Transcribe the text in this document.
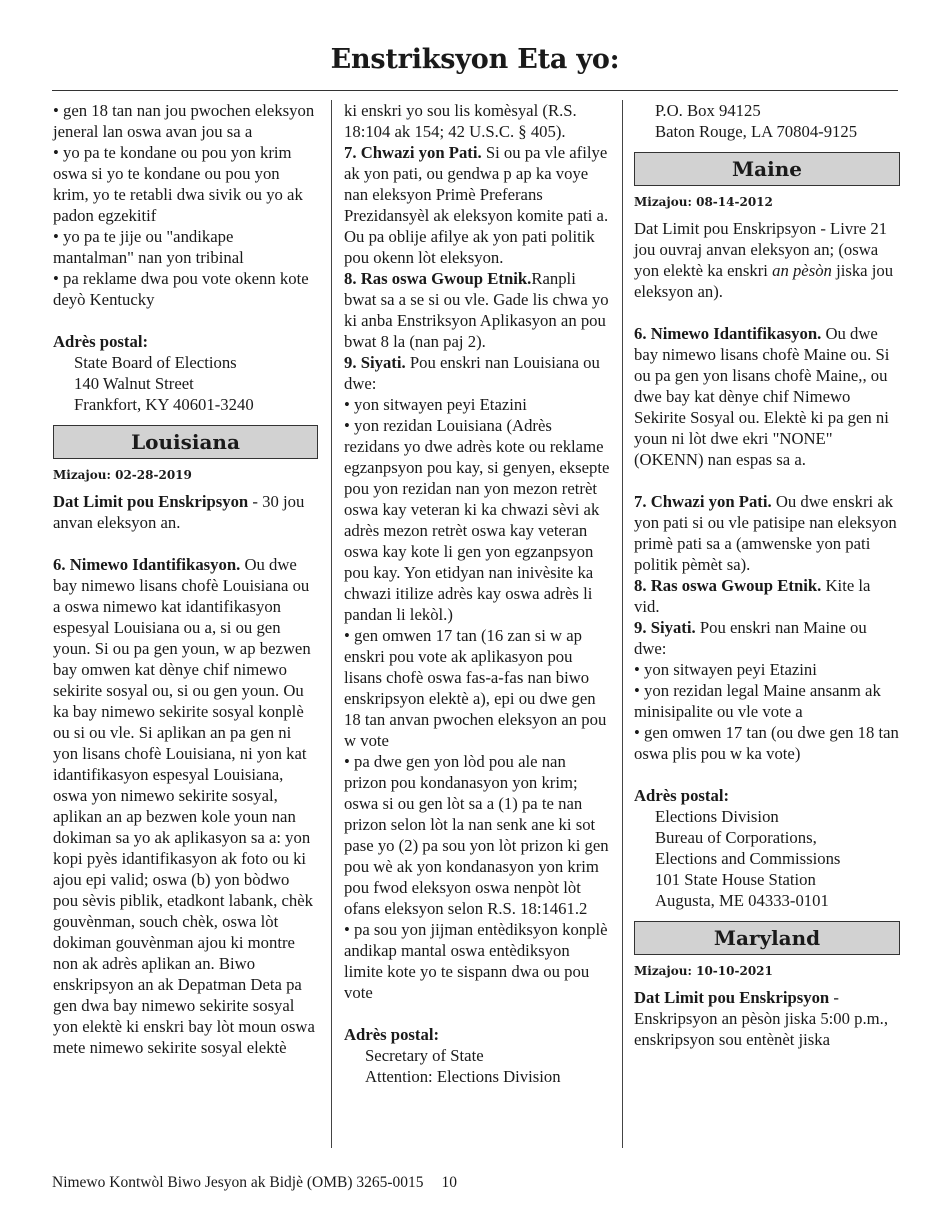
Enstriksyon Eta yo:

• gen 18 tan nan jou pwochen eleksyon jeneral lan oswa avan jou sa a

• yo pa te kondane ou pou yon krim oswa si yo te kondane ou pou yon krim, yo te retabli dwa sivik ou yo ak padon egzekitif

• yo pa te jije ou "andikape mantalman" nan yon tribinal

• pa reklame dwa pou vote okenn kote deyò Kentucky

Adrès postal:

State Board of Elections

140 Walnut Street

Frankfort, KY 40601-3240

Louisiana

Mizajou: 02-28-2019

Dat Limit pou Enskripsyon - 30 jou anvan eleksyon an.

6. Nimewo Idantifikasyon. Ou dwe bay nimewo lisans chofè Louisiana ou a oswa nimewo kat idantifikasyon espesyal Louisiana ou a, si ou gen youn. Si ou pa gen youn, w ap bezwen bay omwen kat dènye chif nimewo sekirite sosyal ou, si ou gen youn. Ou ka bay nimewo sekirite sosyal konplè ou si ou vle. Si aplikan an pa gen ni yon lisans chofè Louisiana, ni yon kat idantifikasyon espesyal Louisiana, oswa yon nimewo sekirite sosyal, aplikan an ap bezwen kole youn nan dokiman sa yo ak aplikasyon sa a: yon kopi pyès idantifikasyon ak foto ou ki ajou epi valid; oswa (b) yon bòdwo pou sèvis piblik, etadkont labank, chèk gouvènman, souch chèk, oswa lòt dokiman gouvènman ajou ki montre non ak adrès aplikan an. Biwo enskripsyon an ak Depatman Deta pa gen dwa bay nimewo sekirite sosyal yon elektè ki enskri bay lòt moun oswa mete nimewo sekirite sosyal elektè

ki enskri yo sou lis komèsyal (R.S. 18:104 ak 154; 42 U.S.C. § 405).

7. Chwazi yon Pati. Si ou pa vle afilye ak yon pati, ou gendwa p ap ka voye nan eleksyon Primè Preferans Prezidansyèl ak eleksyon komite pati a. Ou pa oblije afilye ak yon pati politik pou okenn lòt eleksyon.

8. Ras oswa Gwoup Etnik.Ranpli bwat sa a se si ou vle. Gade lis chwa yo ki anba Enstriksyon Aplikasyon an pou bwat 8 la (nan paj 2).

9. Siyati. Pou enskri nan Louisiana ou dwe:

• yon sitwayen peyi Etazini

• yon rezidan Louisiana (Adrès rezidans yo dwe adrès kote ou reklame egzanpsyon pou kay, si genyen, eksepte pou yon rezidan nan yon mezon retrèt oswa kay veteran ki ka chwazi sèvi ak adrès mezon retrèt oswa kay veteran oswa kay kote li gen yon egzanpsyon pou kay. Yon etidyan nan inivèsite ka chwazi itilize adrès kay oswa adrès li pandan li lekòl.)

• gen omwen 17 tan (16 zan si w ap enskri pou vote ak aplikasyon pou lisans chofè oswa fas-a-fas nan biwo enskripsyon elektè a), epi ou dwe gen 18 tan anvan pwochen eleksyon an pou w vote

• pa dwe gen yon lòd pou ale nan prizon pou kondanasyon yon krim; oswa si ou gen lòt sa a (1) pa te nan prizon selon lòt la nan senk ane ki sot pase yo (2) pa sou yon lòt prizon ki gen pou wè ak yon kondanasyon yon krim pou fwod eleksyon oswa nenpòt lòt ofans eleksyon selon R.S. 18:1461.2

• pa sou yon jijman entèdiksyon konplè andikap mantal oswa entèdiksyon limite kote yo te sispann dwa ou pou vote

Adrès postal:

Secretary of State

Attention: Elections Division

P.O. Box 94125

Baton Rouge, LA 70804-9125

Maine

Mizajou: 08-14-2012

Dat Limit pou Enskripsyon - Livre 21 jou ouvraj anvan eleksyon an; (oswa yon elektè ka enskri an pèsòn jiska jou eleksyon an).

6. Nimewo Idantifikasyon. Ou dwe bay nimewo lisans chofè Maine ou. Si ou pa gen yon lisans chofè Maine,, ou dwe bay kat dènye chif Nimewo Sekirite Sosyal ou. Elektè ki pa gen ni youn ni lòt dwe ekri "NONE" (OKENN) nan espas sa a.

7. Chwazi yon Pati. Ou dwe enskri ak yon pati si ou vle patisipe nan eleksyon primè pati sa a (amwenske yon pati politik pèmèt sa).

8. Ras oswa Gwoup Etnik. Kite la vid.

9. Siyati. Pou enskri nan Maine ou dwe:

• yon sitwayen peyi Etazini

• yon rezidan legal Maine ansanm ak minisipalite ou vle vote a

• gen omwen 17 tan (ou dwe gen 18 tan oswa plis pou w ka vote)

Adrès postal:

Elections Division

Bureau of Corporations,

Elections and Commissions

101 State House Station

Augusta, ME 04333-0101

Maryland

Mizajou: 10-10-2021

Dat Limit pou Enskripsyon - Enskripsyon an pèsòn jiska 5:00 p.m., enskripsyon sou entènèt jiska

Nimewo Kontwòl Biwo Jesyon ak Bidjè (OMB) 3265-0015 10
